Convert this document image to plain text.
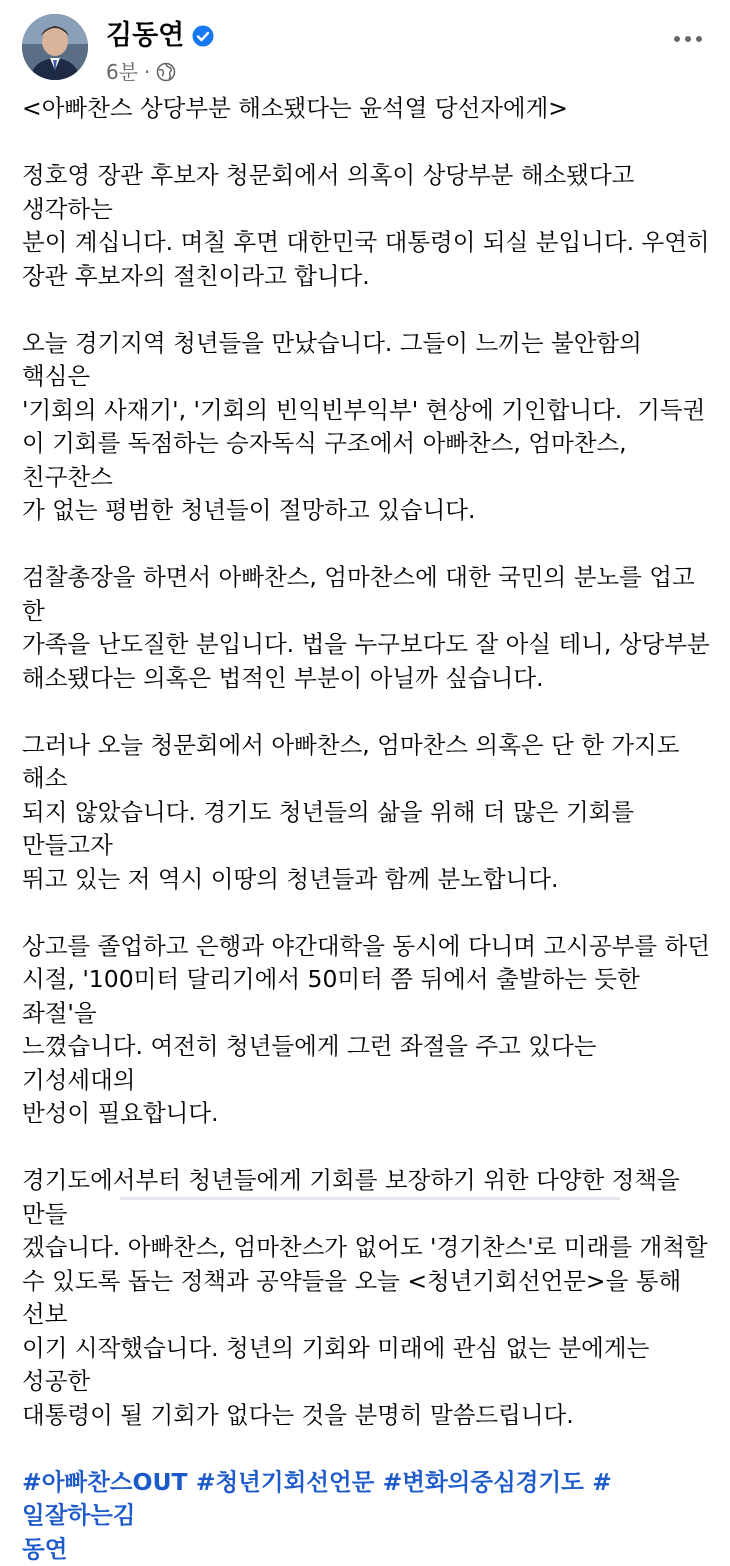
김동연
6분 ·

<아빠찬스 상당부분 해소됐다는 윤석열 당선자에게>

정호영 장관 후보자 청문회에서 의혹이 상당부분 해소됐다고 생각하는
분이 계십니다. 며칠 후면 대한민국 대통령이 되실 분입니다. 우연히
장관 후보자의 절친이라고 합니다.

오늘 경기지역 청년들을 만났습니다. 그들이 느끼는 불안함의 핵심은
'기회의 사재기', '기회의 빈익빈부익부' 현상에 기인합니다.  기득권
이 기회를 독점하는 승자독식 구조에서 아빠찬스, 엄마찬스, 친구찬스
가 없는 평범한 청년들이 절망하고 있습니다.

검찰총장을 하면서 아빠찬스, 엄마찬스에 대한 국민의 분노를 업고 한
가족을 난도질한 분입니다. 법을 누구보다도 잘 아실 테니, 상당부분
해소됐다는 의혹은 법적인 부분이 아닐까 싶습니다.

그러나 오늘 청문회에서 아빠찬스, 엄마찬스 의혹은 단 한 가지도 해소
되지 않았습니다. 경기도 청년들의 삶을 위해 더 많은 기회를 만들고자
뛰고 있는 저 역시 이땅의 청년들과 함께 분노합니다.

상고를 졸업하고 은행과 야간대학을 동시에 다니며 고시공부를 하던
시절, '100미터 달리기에서 50미터 쯤 뒤에서 출발하는 듯한 좌절'을
느꼈습니다. 여전히 청년들에게 그런 좌절을 주고 있다는 기성세대의
반성이 필요합니다.

경기도에서부터 청년들에게 기회를 보장하기 위한 다양한 정책을 만들
겠습니다. 아빠찬스, 엄마찬스가 없어도 '경기찬스'로 미래를 개척할
수 있도록 돕는 정책과 공약들을 오늘 <청년기회선언문>을 통해 선보
이기 시작했습니다. 청년의 기회와 미래에 관심 없는 분에게는 성공한
대통령이 될 기회가 없다는 것을 분명히 말씀드립니다.

#아빠찬스OUT #청년기회선언문 #변화의중심경기도 #일잘하는김
동연
